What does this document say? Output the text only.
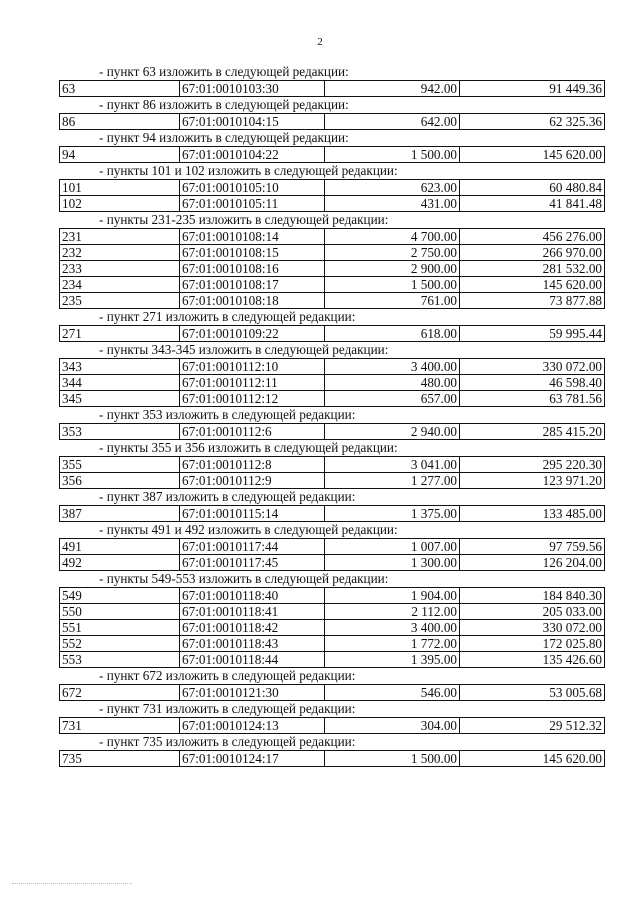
2
- пункт 63 изложить в следующей редакции:
63	67:01:0010103:30	942.00	91 449.36
- пункт 86 изложить в следующей редакции:
86	67:01:0010104:15	642.00	62 325.36
- пункт 94 изложить в следующей редакции:
94	67:01:0010104:22	1 500.00	145 620.00
- пункты 101 и 102 изложить в следующей редакции:
101	67:01:0010105:10	623.00	60 480.84
102	67:01:0010105:11	431.00	41 841.48
- пункты 231-235 изложить в следующей редакции:
231	67:01:0010108:14	4 700.00	456 276.00
232	67:01:0010108:15	2 750.00	266 970.00
233	67:01:0010108:16	2 900.00	281 532.00
234	67:01:0010108:17	1 500.00	145 620.00
235	67:01:0010108:18	761.00	73 877.88
- пункт 271 изложить в следующей редакции:
271	67:01:0010109:22	618.00	59 995.44
- пункты 343-345 изложить в следующей редакции:
343	67:01:0010112:10	3 400.00	330 072.00
344	67:01:0010112:11	480.00	46 598.40
345	67:01:0010112:12	657.00	63 781.56
- пункт 353 изложить в следующей редакции:
353	67:01:0010112:6	2 940.00	285 415.20
- пункты 355 и 356 изложить в следующей редакции:
355	67:01:0010112:8	3 041.00	295 220.30
356	67:01:0010112:9	1 277.00	123 971.20
- пункт 387 изложить в следующей редакции:
387	67:01:0010115:14	1 375.00	133 485.00
- пункты 491 и 492 изложить в следующей редакции:
491	67:01:0010117:44	1 007.00	97 759.56
492	67:01:0010117:45	1 300.00	126 204.00
- пункты 549-553 изложить в следующей редакции:
549	67:01:0010118:40	1 904.00	184 840.30
550	67:01:0010118:41	2 112.00	205 033.00
551	67:01:0010118:42	3 400.00	330 072.00
552	67:01:0010118:43	1 772.00	172 025.80
553	67:01:0010118:44	1 395.00	135 426.60
- пункт 672 изложить в следующей редакции:
672	67:01:0010121:30	546.00	53 005.68
- пункт 731 изложить в следующей редакции:
731	67:01:0010124:13	304.00	29 512.32
- пункт 735 изложить в следующей редакции:
735	67:01:0010124:17	1 500.00	145 620.00
